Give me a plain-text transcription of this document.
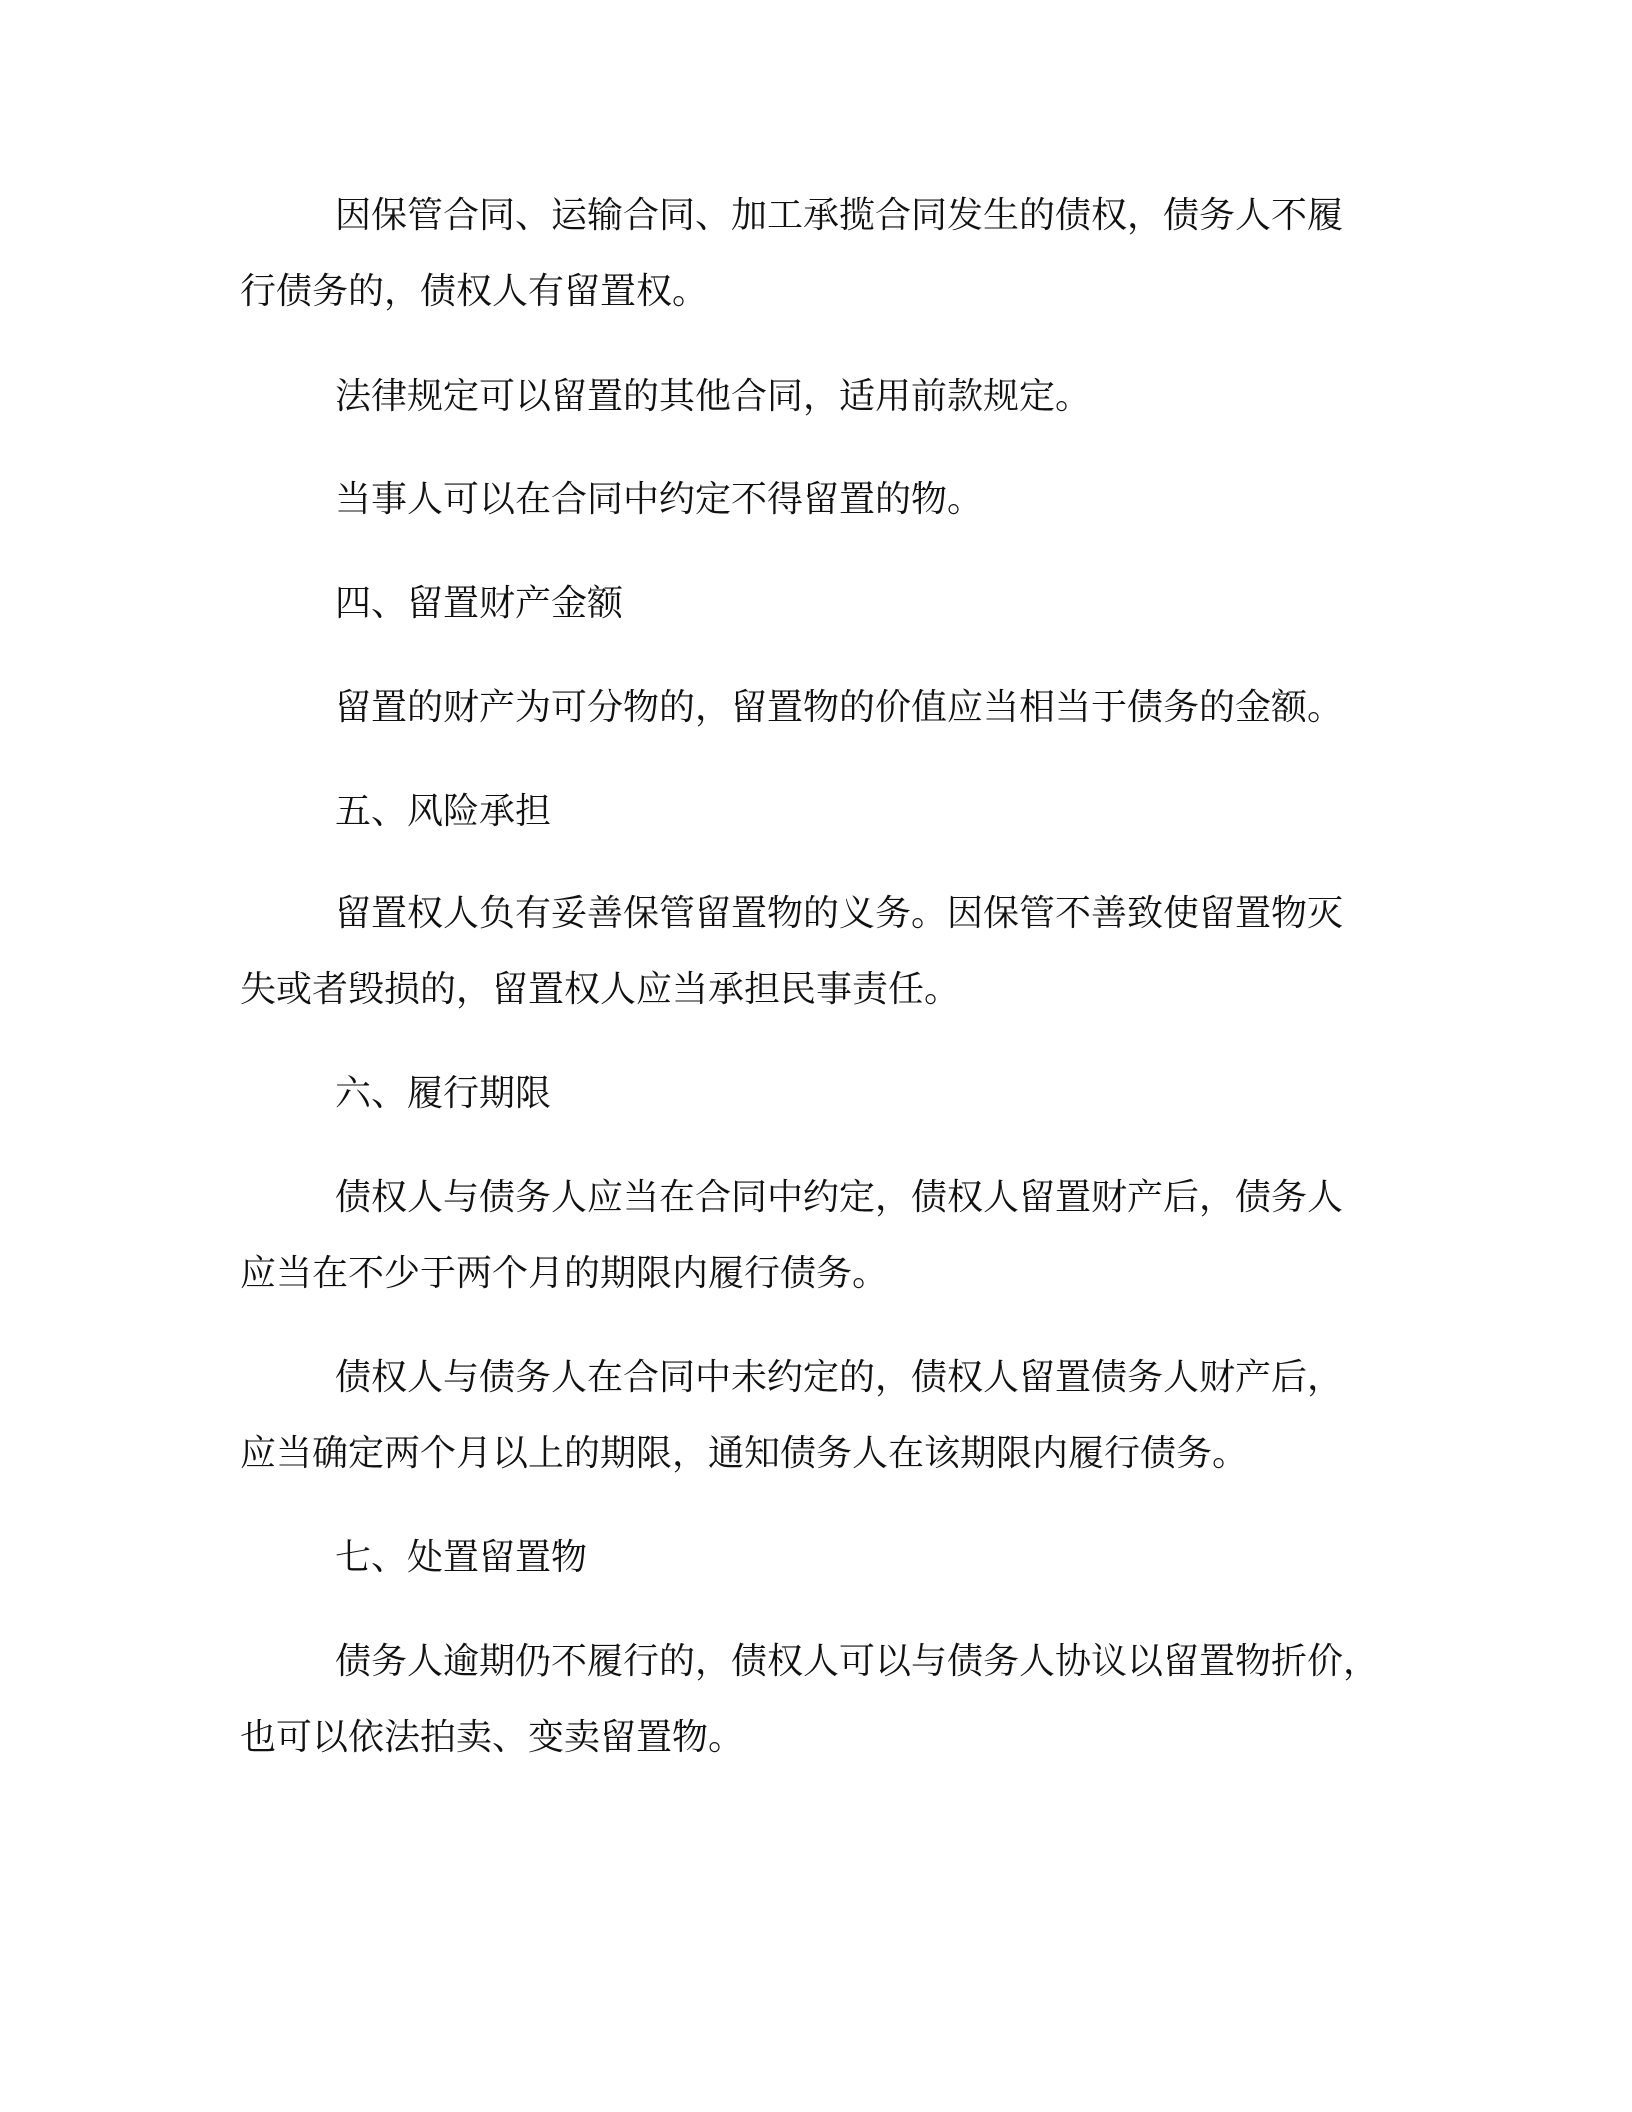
因保管合同、运输合同、加工承揽合同发生的债权，债务人不履
行债务的，债权人有留置权。
法律规定可以留置的其他合同，适用前款规定。
当事人可以在合同中约定不得留置的物。
四、留置财产金额
留置的财产为可分物的，留置物的价值应当相当于债务的金额。
五、风险承担
留置权人负有妥善保管留置物的义务。因保管不善致使留置物灭
失或者毁损的，留置权人应当承担民事责任。
六、履行期限
债权人与债务人应当在合同中约定，债权人留置财产后，债务人
应当在不少于两个月的期限内履行债务。
债权人与债务人在合同中未约定的，债权人留置债务人财产后，
应当确定两个月以上的期限，通知债务人在该期限内履行债务。
七、处置留置物
债务人逾期仍不履行的，债权人可以与债务人协议以留置物折价，
也可以依法拍卖、变卖留置物。
